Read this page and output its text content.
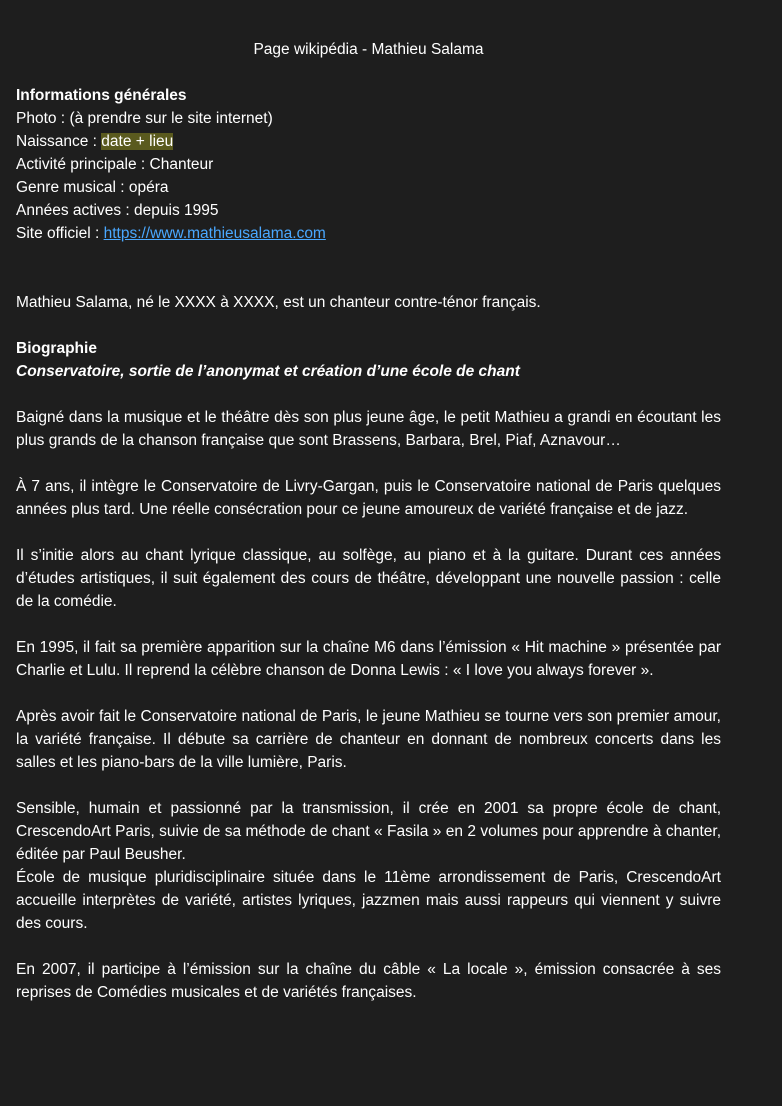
Page wikipédia - Mathieu Salama
Informations générales
Photo : (à prendre sur le site internet)
Naissance : date + lieu
Activité principale : Chanteur
Genre musical : opéra
Années actives : depuis 1995
Site officiel : https://www.mathieusalama.com

Mathieu Salama, né le XXXX à XXXX, est un chanteur contre-ténor français.

Biographie
Conservatoire, sortie de l’anonymat et création d’une école de chant

Baigné dans la musique et le théâtre dès son plus jeune âge, le petit Mathieu a grandi en écoutant les plus grands de la chanson française que sont Brassens, Barbara, Brel, Piaf, Aznavour…

À 7 ans, il intègre le Conservatoire de Livry-Gargan, puis le Conservatoire national de Paris quelques années plus tard. Une réelle consécration pour ce jeune amoureux de variété française et de jazz.

Il s’initie alors au chant lyrique classique, au solfège, au piano et à la guitare. Durant ces années d’études artistiques, il suit également des cours de théâtre, développant une nouvelle passion : celle de la comédie.

En 1995, il fait sa première apparition sur la chaîne M6 dans l’émission « Hit machine » présentée par Charlie et Lulu. Il reprend la célèbre chanson de Donna Lewis : « I love you always forever ».

Après avoir fait le Conservatoire national de Paris, le jeune Mathieu se tourne vers son premier amour, la variété française. Il débute sa carrière de chanteur en donnant de nombreux concerts dans les salles et les piano-bars de la ville lumière, Paris.

Sensible, humain et passionné par la transmission, il crée en 2001 sa propre école de chant, CrescendoArt Paris, suivie de sa méthode de chant « Fasila » en 2 volumes pour apprendre à chanter, éditée par Paul Beusher.

École de musique pluridisciplinaire située dans le 11ème arrondissement de Paris, CrescendoArt accueille interprètes de variété, artistes lyriques, jazzmen mais aussi rappeurs qui viennent y suivre des cours.

En 2007, il participe à l’émission sur la chaîne du câble « La locale », émission consacrée à ses reprises de Comédies musicales et de variétés françaises.
